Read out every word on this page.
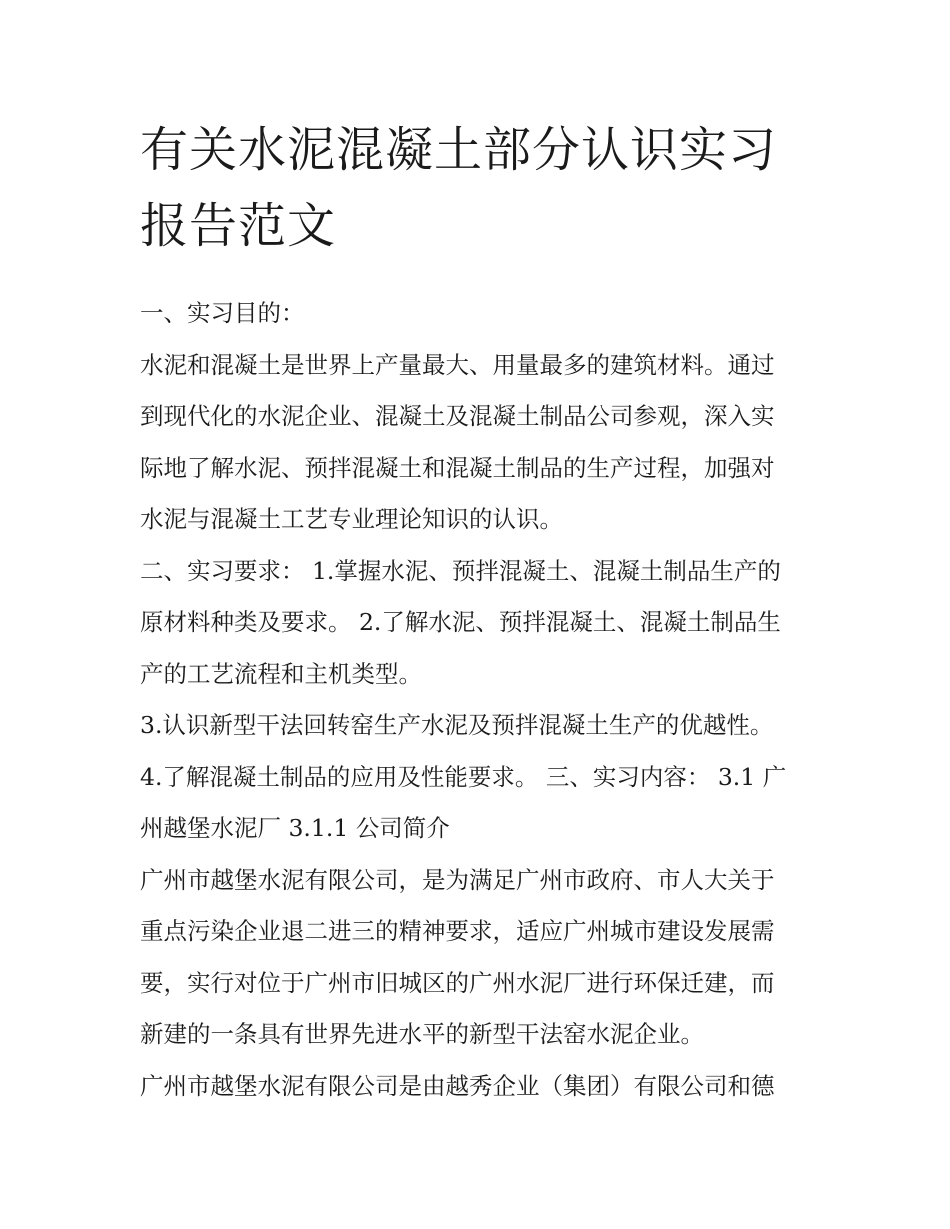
有关水泥混凝土部分认识实习
报告范文
一、实习目的：
水泥和混凝土是世界上产量最大、用量最多的建筑材料。通过
到现代化的水泥企业、混凝土及混凝土制品公司参观，深入实
际地了解水泥、预拌混凝土和混凝土制品的生产过程，加强对
水泥与混凝土工艺专业理论知识的认识。
二、实习要求： 1.掌握水泥、预拌混凝土、混凝土制品生产的
原材料种类及要求。 2.了解水泥、预拌混凝土、混凝土制品生
产的工艺流程和主机类型。
3.认识新型干法回转窑生产水泥及预拌混凝土生产的优越性。
4.了解混凝土制品的应用及性能要求。 三、实习内容： 3.1 广
州越堡水泥厂 3.1.1 公司简介
广州市越堡水泥有限公司，是为满足广州市政府、市人大关于
重点污染企业退二进三的精神要求，适应广州城市建设发展需
要，实行对位于广州市旧城区的广州水泥厂进行环保迁建，而
新建的一条具有世界先进水平的新型干法窑水泥企业。
广州市越堡水泥有限公司是由越秀企业（集团）有限公司和德
